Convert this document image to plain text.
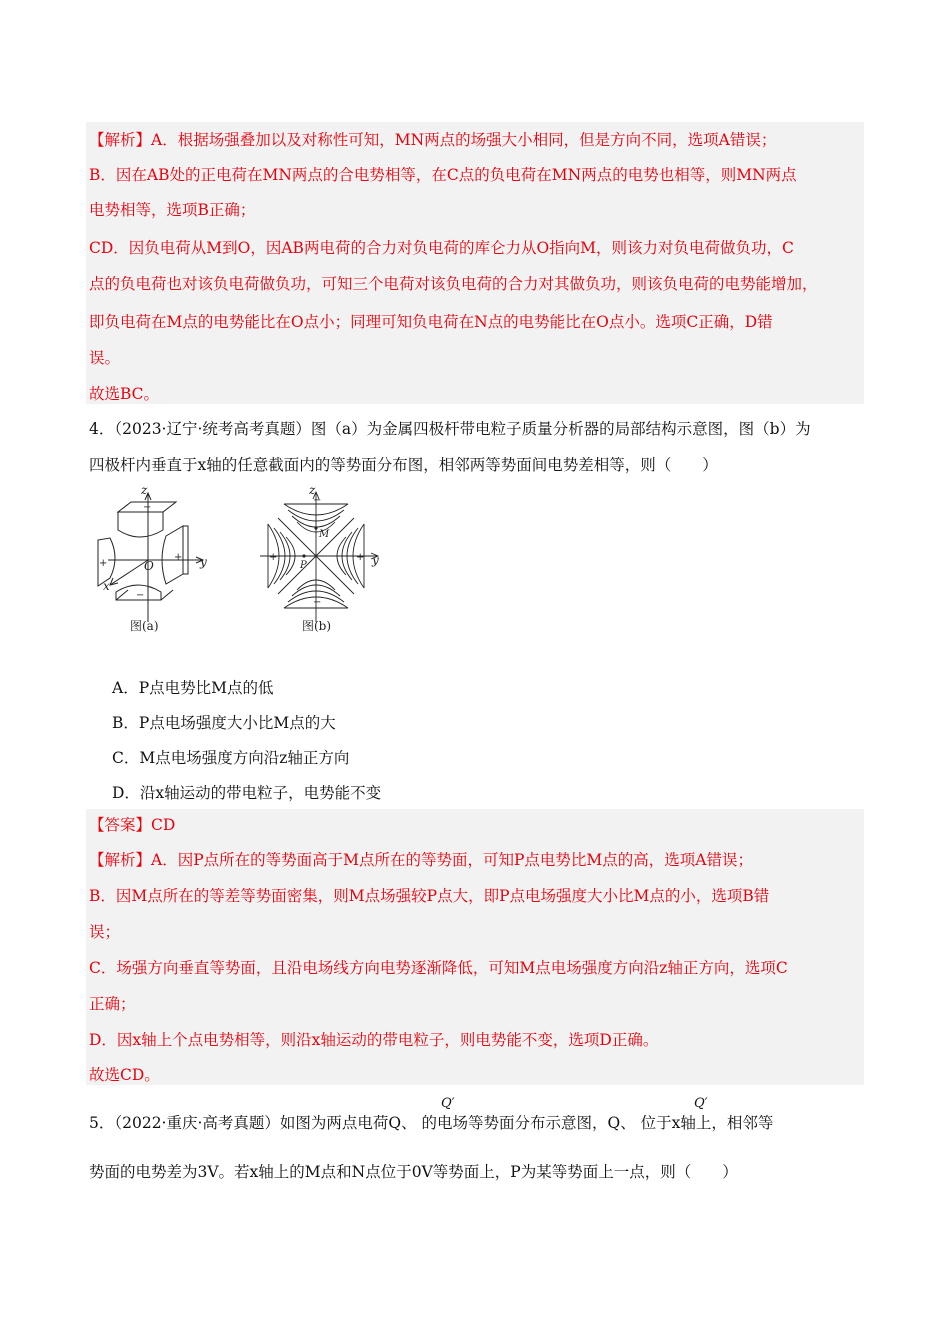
【解析】A．根据场强叠加以及对称性可知，MN两点的场强大小相同，但是方向不同，选项A错误；
B．因在AB处的正电荷在MN两点的合电势相等，在C点的负电荷在MN两点的电势也相等，则MN两点
电势相等，选项B正确；
CD．因负电荷从M到O，因AB两电荷的合力对负电荷的库仑力从O指向M，则该力对负电荷做负功，C
点的负电荷也对该负电荷做负功，可知三个电荷对该负电荷的合力对其做负功，则该负电荷的电势能增加，
即负电荷在M点的电势能比在O点小；同理可知负电荷在N点的电势能比在O点小。选项C正确，D错
误。
故选BC。
4．（2023·辽宁·统考高考真题）图（a）为金属四极杆带电粒子质量分析器的局部结构示意图，图（b）为
四极杆内垂直于x轴的任意截面内的等势面分布图，相邻两等势面间电势差相等，则（　　）
z
y
x
O
+
+
−
−
图(a)
z
y
M
P
+	+
−
−
图(b)
A．P点电势比M点的低
B．P点电场强度大小比M点的大
C．M点电场强度方向沿z轴正方向
D．沿x轴运动的带电粒子，电势能不变
【答案】CD
【解析】A．因P点所在的等势面高于M点所在的等势面，可知P点电势比M点的高，选项A错误；
B．因M点所在的等差等势面密集，则M点场强较P点大，即P点电场强度大小比M点的小，选项B错
误；
C．场强方向垂直等势面，且沿电场线方向电势逐渐降低，可知M点电场强度方向沿z轴正方向，选项C
正确；
D．因x轴上个点电势相等，则沿x轴运动的带电粒子，则电势能不变，选项D正确。
故选CD。
Q′	Q′
5．（2022·重庆·高考真题）如图为两点电荷Q、 的电场等势面分布示意图，Q、 位于x轴上，相邻等
势面的电势差为3V。若x轴上的M点和N点位于0V等势面上，P为某等势面上一点，则（　　）
